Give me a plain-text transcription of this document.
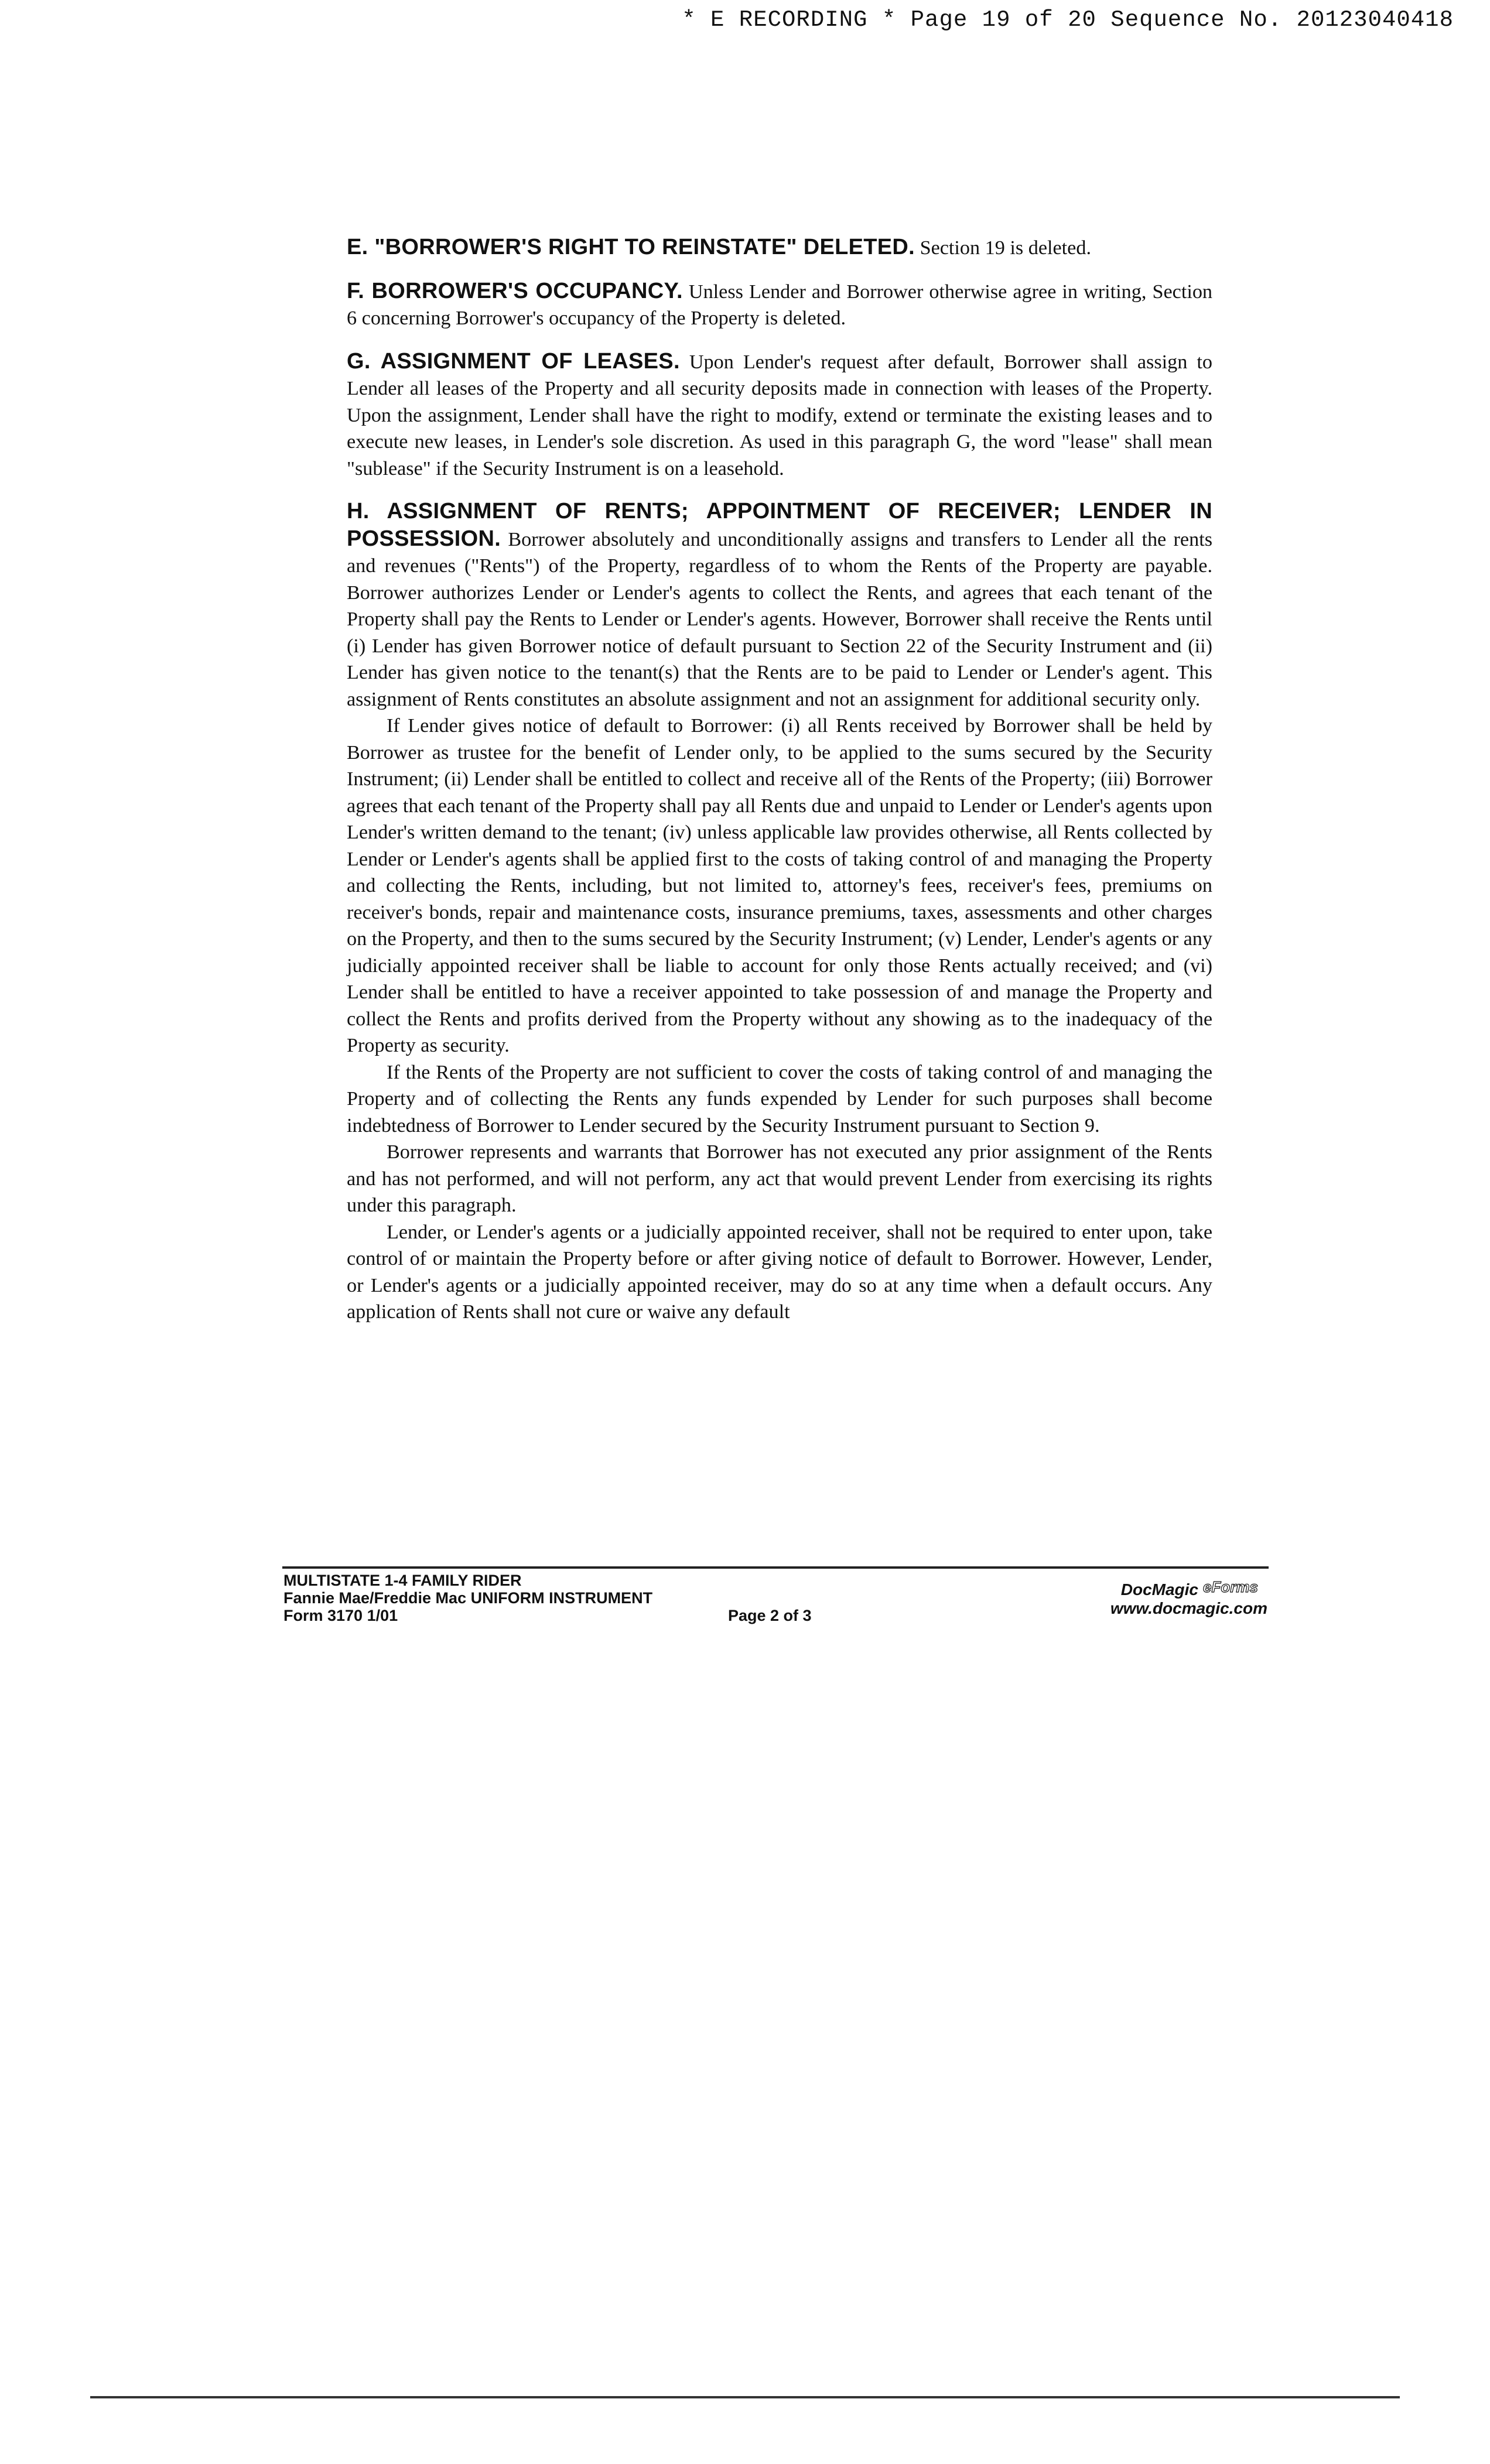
* E RECORDING * Page 19 of 20 Sequence No. 20123040418

E. "BORROWER'S RIGHT TO REINSTATE" DELETED. Section 19 is deleted.

F. BORROWER'S OCCUPANCY. Unless Lender and Borrower otherwise agree in writing, Section 6 concerning Borrower's occupancy of the Property is deleted.

G. ASSIGNMENT OF LEASES. Upon Lender's request after default, Borrower shall assign to Lender all leases of the Property and all security deposits made in connection with leases of the Property. Upon the assignment, Lender shall have the right to modify, extend or terminate the existing leases and to execute new leases, in Lender's sole discretion. As used in this paragraph G, the word "lease" shall mean "sublease" if the Security Instrument is on a leasehold.

H. ASSIGNMENT OF RENTS; APPOINTMENT OF RECEIVER; LENDER IN POSSESSION. Borrower absolutely and unconditionally assigns and transfers to Lender all the rents and revenues ("Rents") of the Property, regardless of to whom the Rents of the Property are payable. Borrower authorizes Lender or Lender's agents to collect the Rents, and agrees that each tenant of the Property shall pay the Rents to Lender or Lender's agents. However, Borrower shall receive the Rents until (i) Lender has given Borrower notice of default pursuant to Section 22 of the Security Instrument and (ii) Lender has given notice to the tenant(s) that the Rents are to be paid to Lender or Lender's agent. This assignment of Rents constitutes an absolute assignment and not an assignment for additional security only.

If Lender gives notice of default to Borrower: (i) all Rents received by Borrower shall be held by Borrower as trustee for the benefit of Lender only, to be applied to the sums secured by the Security Instrument; (ii) Lender shall be entitled to collect and receive all of the Rents of the Property; (iii) Borrower agrees that each tenant of the Property shall pay all Rents due and unpaid to Lender or Lender's agents upon Lender's written demand to the tenant; (iv) unless applicable law provides otherwise, all Rents collected by Lender or Lender's agents shall be applied first to the costs of taking control of and managing the Property and collecting the Rents, including, but not limited to, attorney's fees, receiver's fees, premiums on receiver's bonds, repair and maintenance costs, insurance premiums, taxes, assessments and other charges on the Property, and then to the sums secured by the Security Instrument; (v) Lender, Lender's agents or any judicially appointed receiver shall be liable to account for only those Rents actually received; and (vi) Lender shall be entitled to have a receiver appointed to take possession of and manage the Property and collect the Rents and profits derived from the Property without any showing as to the inadequacy of the Property as security.

If the Rents of the Property are not sufficient to cover the costs of taking control of and managing the Property and of collecting the Rents any funds expended by Lender for such purposes shall become indebtedness of Borrower to Lender secured by the Security Instrument pursuant to Section 9.

Borrower represents and warrants that Borrower has not executed any prior assignment of the Rents and has not performed, and will not perform, any act that would prevent Lender from exercising its rights under this paragraph.

Lender, or Lender's agents or a judicially appointed receiver, shall not be required to enter upon, take control of or maintain the Property before or after giving notice of default to Borrower. However, Lender, or Lender's agents or a judicially appointed receiver, may do so at any time when a default occurs. Any application of Rents shall not cure or waive any default

MULTISTATE 1-4 FAMILY RIDER
Fannie Mae/Freddie Mac UNIFORM INSTRUMENT
Form 3170 1/01	Page 2 of 3
DocMagic eForms
www.docmagic.com
